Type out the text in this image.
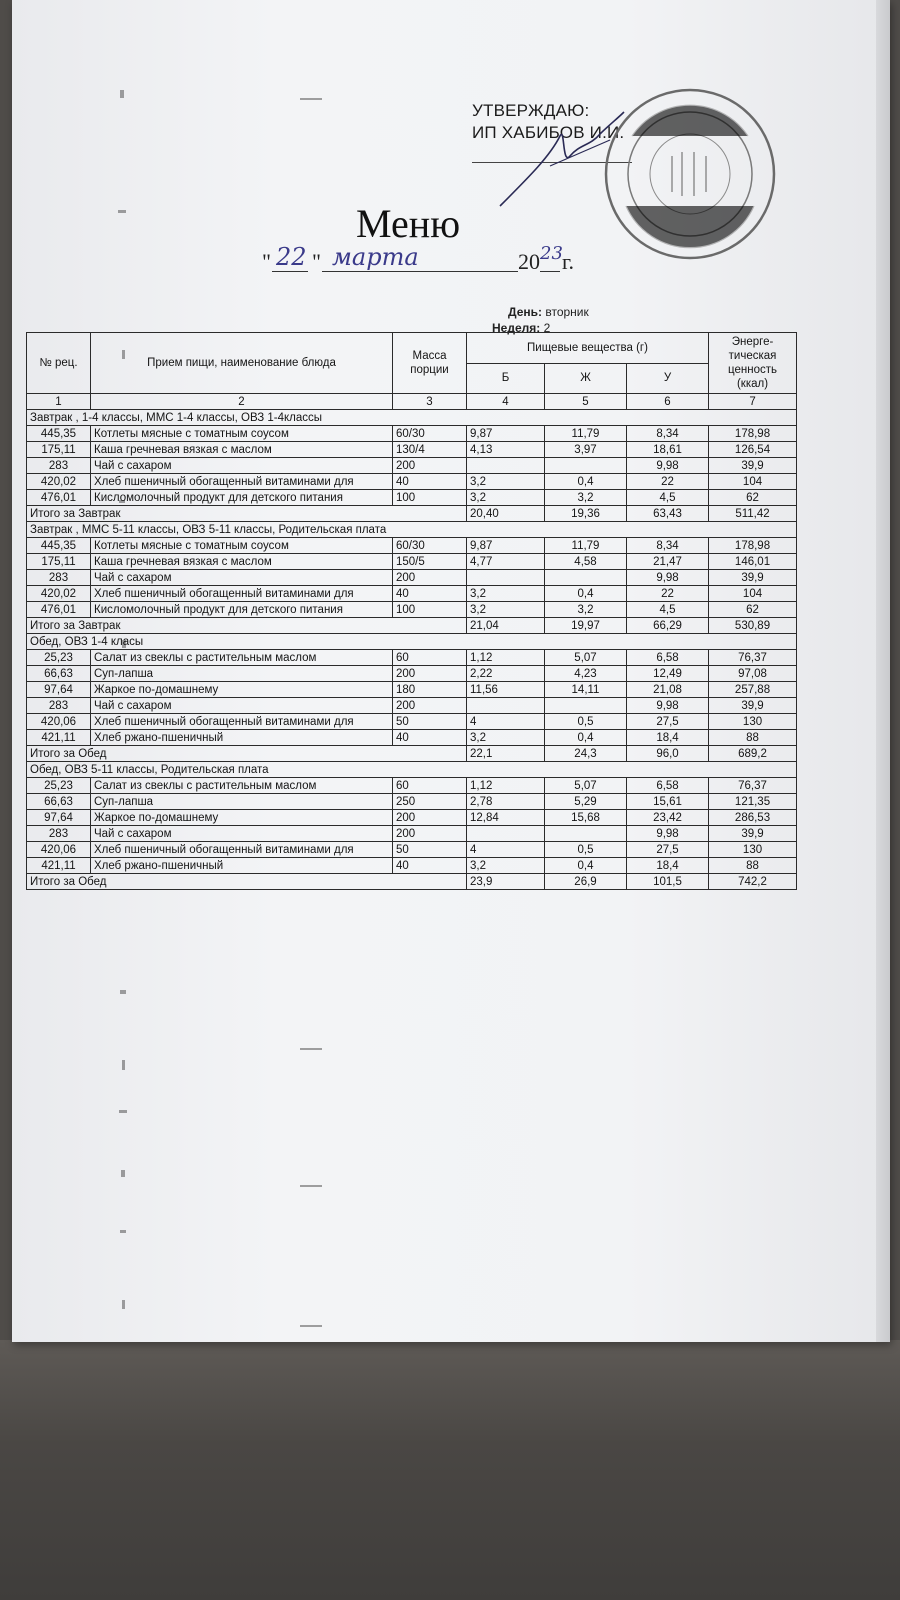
УТВЕРЖДАЮ:
ИП ХАБИБОВ И.И.
Меню
" 22 " марта	20 23 г.
День: вторник
Неделя: 2
№ рец.	Прием пищи, наименование блюда	Масса порции	Пищевые вещества (г)			Энерге-тическая ценность (ккал)
			Б	Ж	У	
1	2	3	4	5	6	7
Завтрак , 1-4 классы, ММС 1-4 классы, ОВЗ 1-4классы						
445,35	Котлеты мясные с томатным соусом	60/30	9,87	11,79	8,34	178,98
175,11	Каша гречневая вязкая с маслом	130/4	4,13	3,97	18,61	126,54
283	Чай с сахаром	200			9,98	39,9
420,02	Хлеб пшеничный обогащенный витаминами для	40	3,2	0,4	22	104
476,01	Кисломолочный продукт для детского питания	100	3,2	3,2	4,5	62
Итого за Завтрак			20,40	19,36	63,43	511,42
Завтрак , ММС 5-11 классы, ОВЗ 5-11 классы, Родительская плата						
445,35	Котлеты мясные с томатным соусом	60/30	9,87	11,79	8,34	178,98
175,11	Каша гречневая вязкая с маслом	150/5	4,77	4,58	21,47	146,01
283	Чай с сахаром	200			9,98	39,9
420,02	Хлеб пшеничный обогащенный витаминами для	40	3,2	0,4	22	104
476,01	Кисломолочный продукт для детского питания	100	3,2	3,2	4,5	62
Итого за Завтрак			21,04	19,97	66,29	530,89
Обед, ОВЗ 1-4 класы						
25,23	Салат из свеклы с растительным маслом	60	1,12	5,07	6,58	76,37
66,63	Суп-лапша	200	2,22	4,23	12,49	97,08
97,64	Жаркое по-домашнему	180	11,56	14,11	21,08	257,88
283	Чай с сахаром	200			9,98	39,9
420,06	Хлеб пшеничный обогащенный витаминами для	50	4	0,5	27,5	130
421,11	Хлеб ржано-пшеничный	40	3,2	0,4	18,4	88
Итого за Обед			22,1	24,3	96,0	689,2
Обед, ОВЗ 5-11 классы, Родительская плата						
25,23	Салат из свеклы с растительным маслом	60	1,12	5,07	6,58	76,37
66,63	Суп-лапша	250	2,78	5,29	15,61	121,35
97,64	Жаркое по-домашнему	200	12,84	15,68	23,42	286,53
283	Чай с сахаром	200			9,98	39,9
420,06	Хлеб пшеничный обогащенный витаминами для	50	4	0,5	27,5	130
421,11	Хлеб ржано-пшеничный	40	3,2	0,4	18,4	88
Итого за Обед			23,9	26,9	101,5	742,2
